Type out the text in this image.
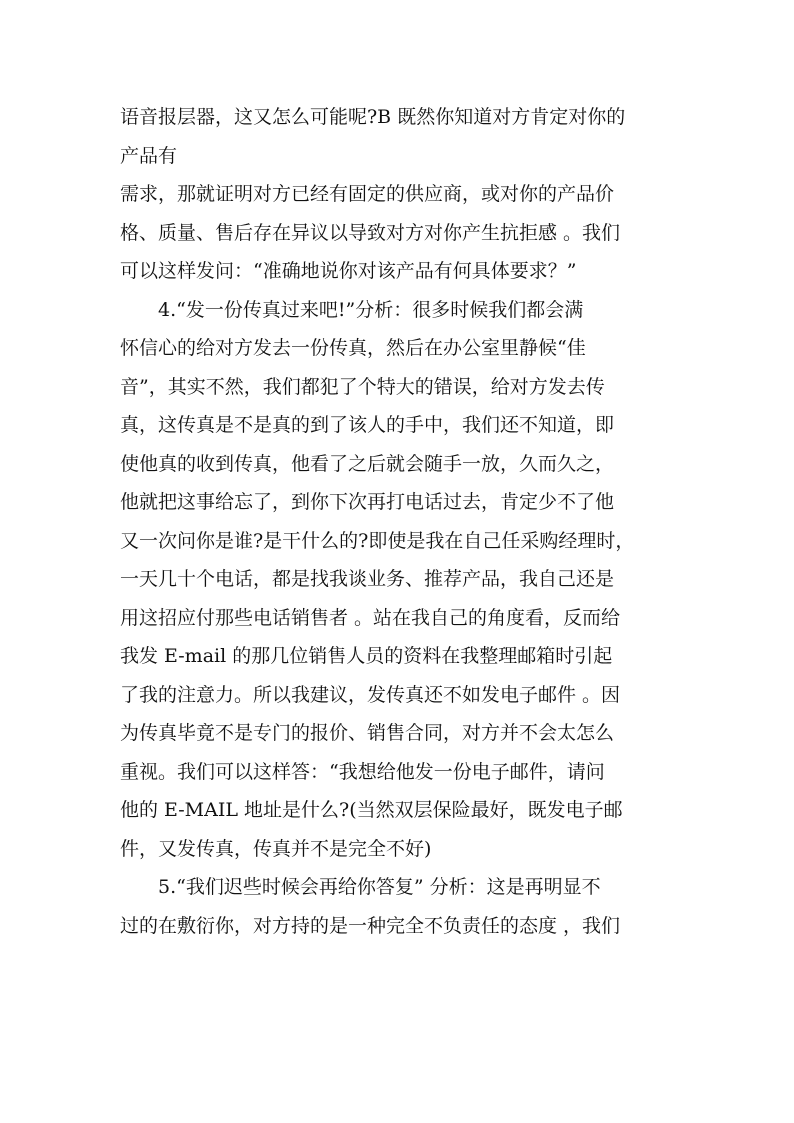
语音报层器，这又怎么可能呢?B 既然你知道对方肯定对你的
产品有
需求，那就证明对方已经有固定的供应商，或对你的产品价
格、质量、售后存在异议以导致对方对你产生抗拒感 。我们
可以这样发问：“准确地说你对该产品有何具体要求？”
4.“发一份传真过来吧!”分析：很多时候我们都会满
怀信心的给对方发去一份传真，然后在办公室里静候“佳
音”，其实不然，我们都犯了个特大的错误，给对方发去传
真，这传真是不是真的到了该人的手中，我们还不知道，即
使他真的收到传真，他看了之后就会随手一放，久而久之，
他就把这事给忘了，到你下次再打电话过去，肯定少不了他
又一次问你是谁?是干什么的?即使是我在自己任采购经理时，
一天几十个电话，都是找我谈业务、推荐产品，我自己还是
用这招应付那些电话销售者 。站在我自己的角度看，反而给
我发 E-mail 的那几位销售人员的资料在我整理邮箱时引起
了我的注意力。所以我建议，发传真还不如发电子邮件 。因
为传真毕竟不是专门的报价、销售合同，对方并不会太怎么
重视。我们可以这样答：“我想给他发一份电子邮件，请问
他的 E-MAIL 地址是什么?(当然双层保险最好，既发电子邮
件，又发传真，传真并不是完全不好)
5.“我们迟些时候会再给你答复” 分析：这是再明显不
过的在敷衍你，对方持的是一种完全不负责任的态度 ，我们
